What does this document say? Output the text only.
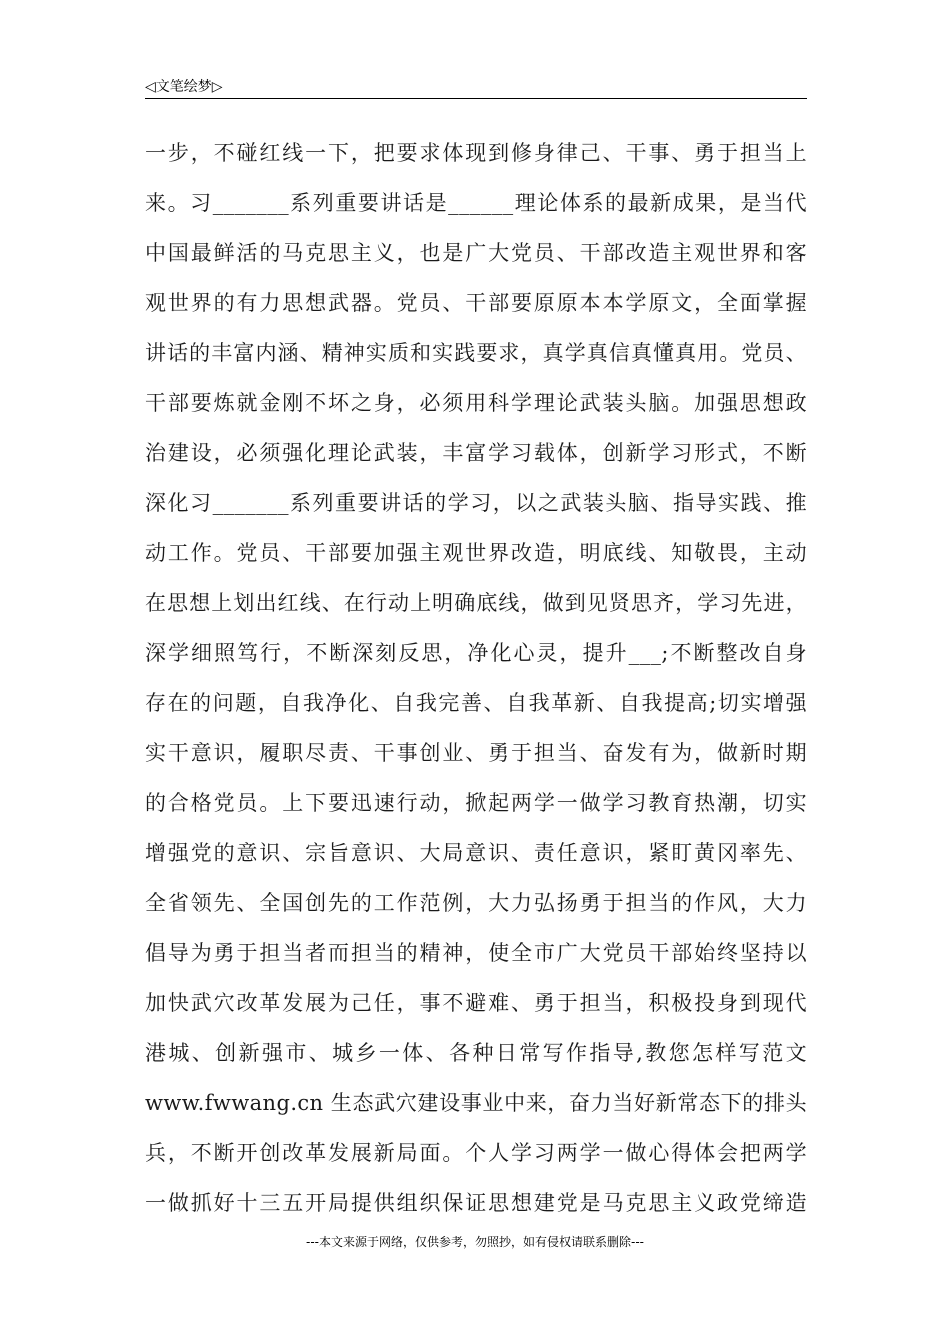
◁文笔绘梦▷
一步，不碰红线一下，把要求体现到修身律己、干事、勇于担当上
来。习_______系列重要讲话是______理论体系的最新成果，是当代
中国最鲜活的马克思主义，也是广大党员、干部改造主观世界和客
观世界的有力思想武器。党员、干部要原原本本学原文，全面掌握
讲话的丰富内涵、精神实质和实践要求，真学真信真懂真用。党员、
干部要炼就金刚不坏之身，必须用科学理论武装头脑。加强思想政
治建设，必须强化理论武装，丰富学习载体，创新学习形式，不断
深化习_______系列重要讲话的学习，以之武装头脑、指导实践、推
动工作。党员、干部要加强主观世界改造，明底线、知敬畏，主动
在思想上划出红线、在行动上明确底线，做到见贤思齐，学习先进，
深学细照笃行，不断深刻反思，净化心灵，提升___;不断整改自身
存在的问题，自我净化、自我完善、自我革新、自我提高;切实增强
实干意识，履职尽责、干事创业、勇于担当、奋发有为，做新时期
的合格党员。上下要迅速行动，掀起两学一做学习教育热潮，切实
增强党的意识、宗旨意识、大局意识、责任意识，紧盯黄冈率先、
全省领先、全国创先的工作范例，大力弘扬勇于担当的作风，大力
倡导为勇于担当者而担当的精神，使全市广大党员干部始终坚持以
加快武穴改革发展为己任，事不避难、勇于担当，积极投身到现代
港城、创新强市、城乡一体、各种日常写作指导,教您怎样写范文
www.fwwang.cn 生态武穴建设事业中来，奋力当好新常态下的排头
兵，不断开创改革发展新局面。个人学习两学一做心得体会把两学
一做抓好十三五开局提供组织保证思想建党是马克思主义政党缔造
---本文来源于网络，仅供参考，勿照抄，如有侵权请联系删除---
